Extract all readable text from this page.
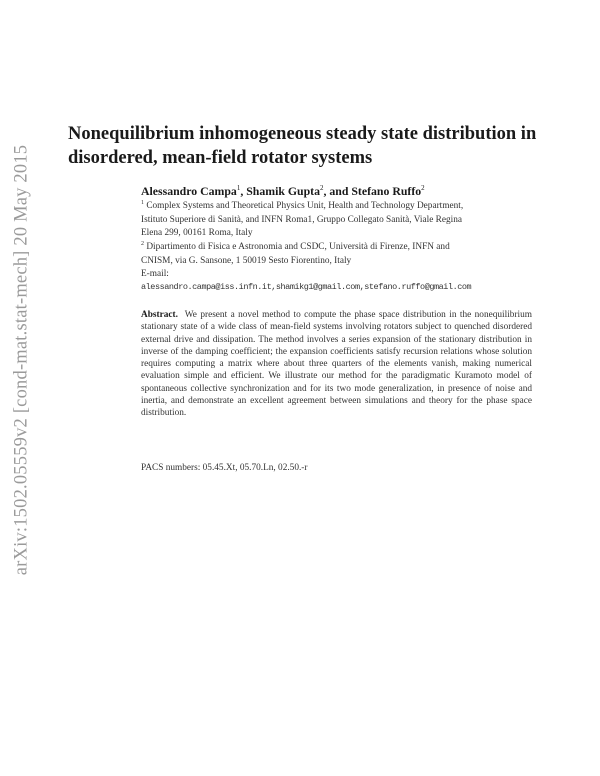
arXiv:1502.05559v2 [cond-mat.stat-mech] 20 May 2015
Nonequilibrium inhomogeneous steady state distribution in disordered, mean-field rotator systems
Alessandro Campa$^1$, Shamik Gupta$^2$, and Stefano Ruffo$^2$
$^1$ Complex Systems and Theoretical Physics Unit, Health and Technology Department, Istituto Superiore di Sanità, and INFN Roma1, Gruppo Collegato Sanità, Viale Regina Elena 299, 00161 Roma, Italy
$^2$ Dipartimento di Fisica e Astronomia and CSDC, Università di Firenze, INFN and CNISM, via G. Sansone, 1 50019 Sesto Fiorentino, Italy
E-mail:
alessandro.campa@iss.infn.it,shamikg1@gmail.com,stefano.ruffo@gmail.com
Abstract. We present a novel method to compute the phase space distribution in the nonequilibrium stationary state of a wide class of mean-field systems involving rotators subject to quenched disordered external drive and dissipation. The method involves a series expansion of the stationary distribution in inverse of the damping coefficient; the expansion coefficients satisfy recursion relations whose solution requires computing a matrix where about three quarters of the elements vanish, making numerical evaluation simple and efficient. We illustrate our method for the paradigmatic Kuramoto model of spontaneous collective synchronization and for its two mode generalization, in presence of noise and inertia, and demonstrate an excellent agreement between simulations and theory for the phase space distribution.
PACS numbers: 05.45.Xt, 05.70.Ln, 02.50.-r
